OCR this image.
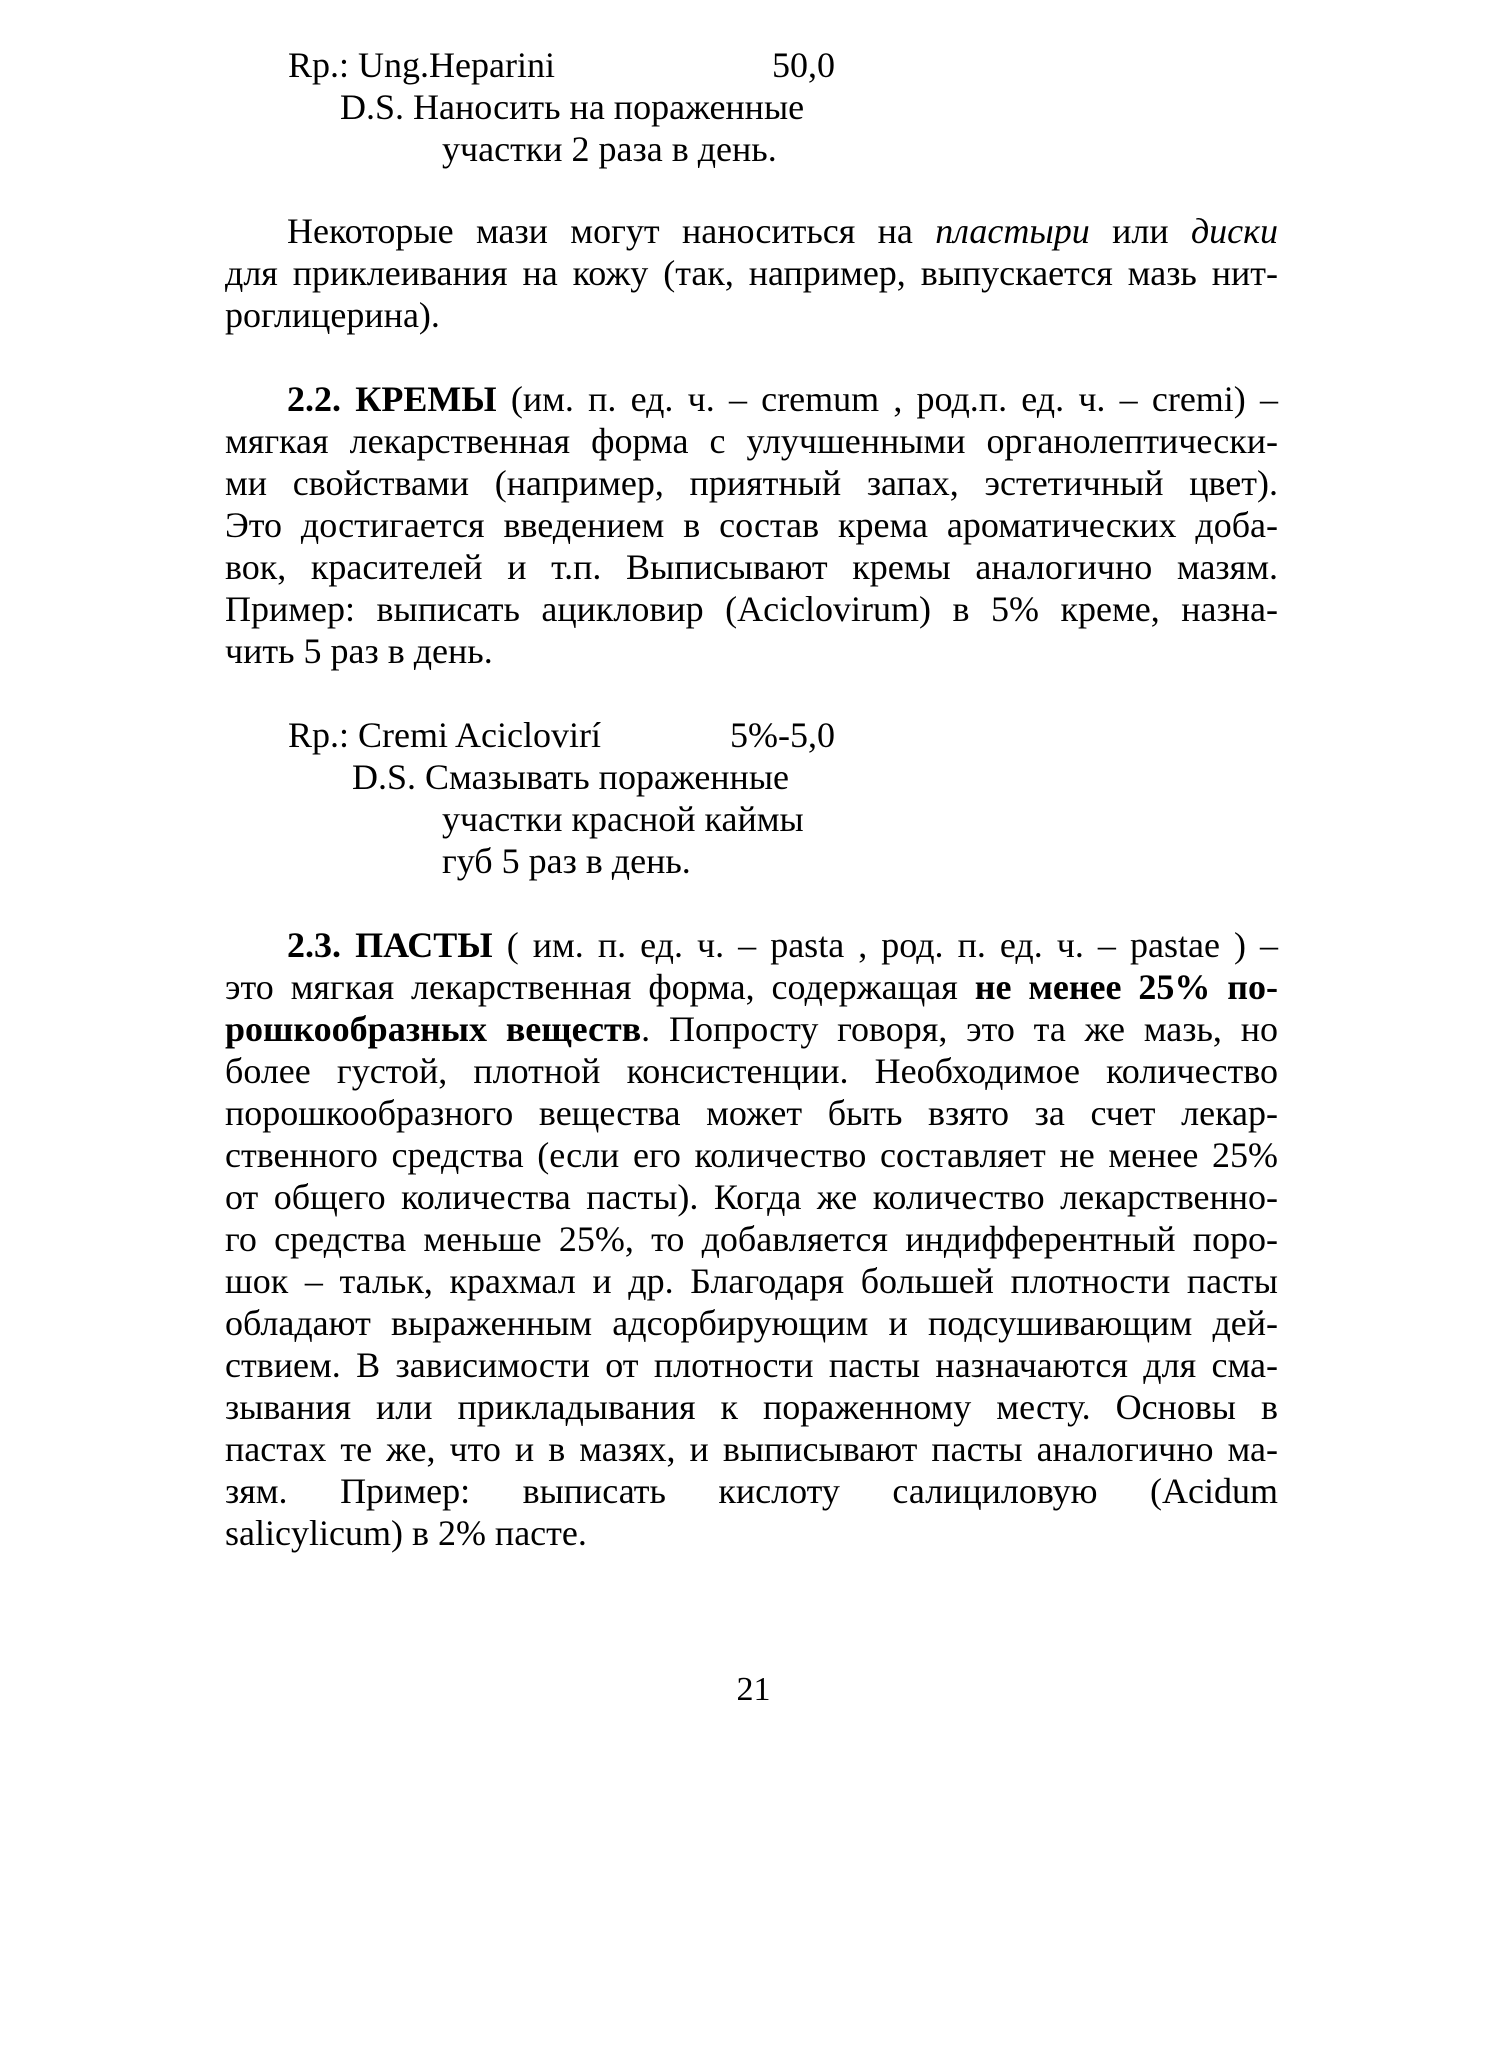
Rp.: Ung.Heparini	50,0
D.S. Наносить на пораженные
участки 2 раза в день.
Некоторые мази могут наноситься на пластыри или диски
для приклеивания на кожу (так, например, выпускается мазь нит-
роглицерина).
2.2. КРЕМЫ (им. п. ед. ч. – cremum , род.п. ед. ч. – cremi) –
мягкая лекарственная форма с улучшенными органолептически-
ми свойствами (например, приятный запах, эстетичный цвет).
Это достигается введением в состав крема ароматических доба-
вок, красителей и т.п. Выписывают кремы аналогично мазям.
Пример: выписать ацикловир (Aciclovirum) в 5% креме, назна-
чить 5 раз в день.
Rp.: Cremi Aciclovirí	5%-5,0
D.S. Смазывать пораженные
участки красной каймы
губ 5 раз в день.
2.3. ПАСТЫ ( им. п. ед. ч. – pasta , род. п. ед. ч. – pastae ) –
это мягкая лекарственная форма, содержащая не менее 25% по-
рошкообразных веществ. Попросту говоря, это та же мазь, но
более густой, плотной консистенции. Необходимое количество
порошкообразного вещества может быть взято за счет лекар-
ственного средства (если его количество составляет не менее 25%
от общего количества пасты). Когда же количество лекарственно-
го средства меньше 25%, то добавляется индифферентный поро-
шок – тальк, крахмал и др. Благодаря большей плотности пасты
обладают выраженным адсорбирующим и подсушивающим дей-
ствием. В зависимости от плотности пасты назначаются для сма-
зывания или прикладывания к пораженному месту. Основы в
пастах те же, что и в мазях, и выписывают пасты аналогично ма-
зям. Пример: выписать кислоту салициловую (Acidum
salicylicum) в 2% пасте.
21
